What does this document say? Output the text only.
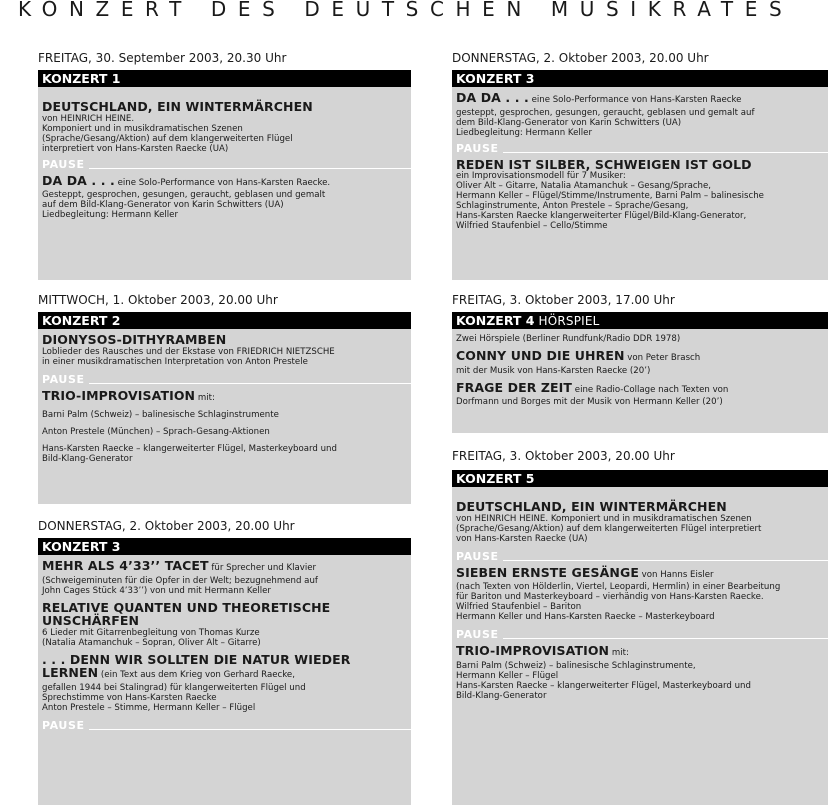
KONZERT DES DEUTSCHEN MUSIKRATES
FREITAG, 30. September 2003, 20.30 Uhr
KONZERT 1
DEUTSCHLAND, EIN WINTERMÄRCHEN
von HEINRICH HEINE.
Komponiert und in musikdramatischen Szenen
(Sprache/Gesang/Aktion) auf dem klangerweiterten Flügel
interpretiert von Hans-Karsten Raecke (UA)
PAUSE
DA DA . . . eine Solo-Performance von Hans-Karsten Raecke.
Gesteppt, gesprochen, gesungen, geraucht, geblasen und gemalt
auf dem Bild-Klang-Generator von Karin Schwitters (UA)
Liedbegleitung: Hermann Keller
MITTWOCH, 1. Oktober 2003, 20.00 Uhr
KONZERT 2
DIONYSOS-DITHYRAMBEN
Loblieder des Rausches und der Ekstase von FRIEDRICH NIETZSCHE
in einer musikdramatischen Interpretation von Anton Prestele
PAUSE
TRIO-IMPROVISATION mit:
Barni Palm (Schweiz) – balinesische Schlaginstrumente
Anton Prestele (München) – Sprach-Gesang-Aktionen
Hans-Karsten Raecke – klangerweiterter Flügel, Masterkeyboard und
Bild-Klang-Generator
DONNERSTAG, 2. Oktober 2003, 20.00 Uhr
KONZERT 3
MEHR ALS 4’33’’ TACET für Sprecher und Klavier
(Schweigeminuten für die Opfer in der Welt; bezugnehmend auf
John Cages Stück 4’33’’) von und mit Hermann Keller
RELATIVE QUANTEN UND THEORETISCHE
UNSCHÄRFEN
6 Lieder mit Gitarrenbegleitung von Thomas Kurze
(Natalia Atamanchuk – Sopran, Oliver Alt – Gitarre)
. . . DENN WIR SOLLTEN DIE NATUR WIEDER
LERNEN (ein Text aus dem Krieg von Gerhard Raecke,
gefallen 1944 bei Stalingrad) für klangerweiterten Flügel und
Sprechstimme von Hans-Karsten Raecke
Anton Prestele – Stimme, Hermann Keller – Flügel
PAUSE
DONNERSTAG, 2. Oktober 2003, 20.00 Uhr
KONZERT 3
DA DA . . . eine Solo-Performance von Hans-Karsten Raecke
gesteppt, gesprochen, gesungen, geraucht, geblasen und gemalt auf
dem Bild-Klang-Generator von Karin Schwitters (UA)
Liedbegleitung: Hermann Keller
PAUSE
REDEN IST SILBER, SCHWEIGEN IST GOLD
ein Improvisationsmodell für 7 Musiker:
Oliver Alt – Gitarre, Natalia Atamanchuk – Gesang/Sprache,
Hermann Keller – Flügel/Stimme/Instrumente, Barni Palm – balinesische
Schlaginstrumente, Anton Prestele – Sprache/Gesang,
Hans-Karsten Raecke klangerweiterter Flügel/Bild-Klang-Generator,
Wilfried Staufenbiel – Cello/Stimme
FREITAG, 3. Oktober 2003, 17.00 Uhr
KONZERT 4 HÖRSPIEL
Zwei Hörspiele (Berliner Rundfunk/Radio DDR 1978)
CONNY UND DIE UHREN von Peter Brasch
mit der Musik von Hans-Karsten Raecke (20’)
FRAGE DER ZEIT eine Radio-Collage nach Texten von
Dorfmann und Borges mit der Musik von Hermann Keller (20’)
FREITAG, 3. Oktober 2003, 20.00 Uhr
KONZERT 5
DEUTSCHLAND, EIN WINTERMÄRCHEN
von HEINRICH HEINE. Komponiert und in musikdramatischen Szenen
(Sprache/Gesang/Aktion) auf dem klangerweiterten Flügel interpretiert
von Hans-Karsten Raecke (UA)
PAUSE
SIEBEN ERNSTE GESÄNGE von Hanns Eisler
(nach Texten von Hölderlin, Viertel, Leopardi, Hermlin) in einer Bearbeitung
für Bariton und Masterkeyboard – vierhändig von Hans-Karsten Raecke.
Wilfried Staufenbiel – Bariton
Hermann Keller und Hans-Karsten Raecke – Masterkeyboard
PAUSE
TRIO-IMPROVISATION mit:
Barni Palm (Schweiz) – balinesische Schlaginstrumente,
Hermann Keller – Flügel
Hans-Karsten Raecke – klangerweiterter Flügel, Masterkeyboard und
Bild-Klang-Generator
